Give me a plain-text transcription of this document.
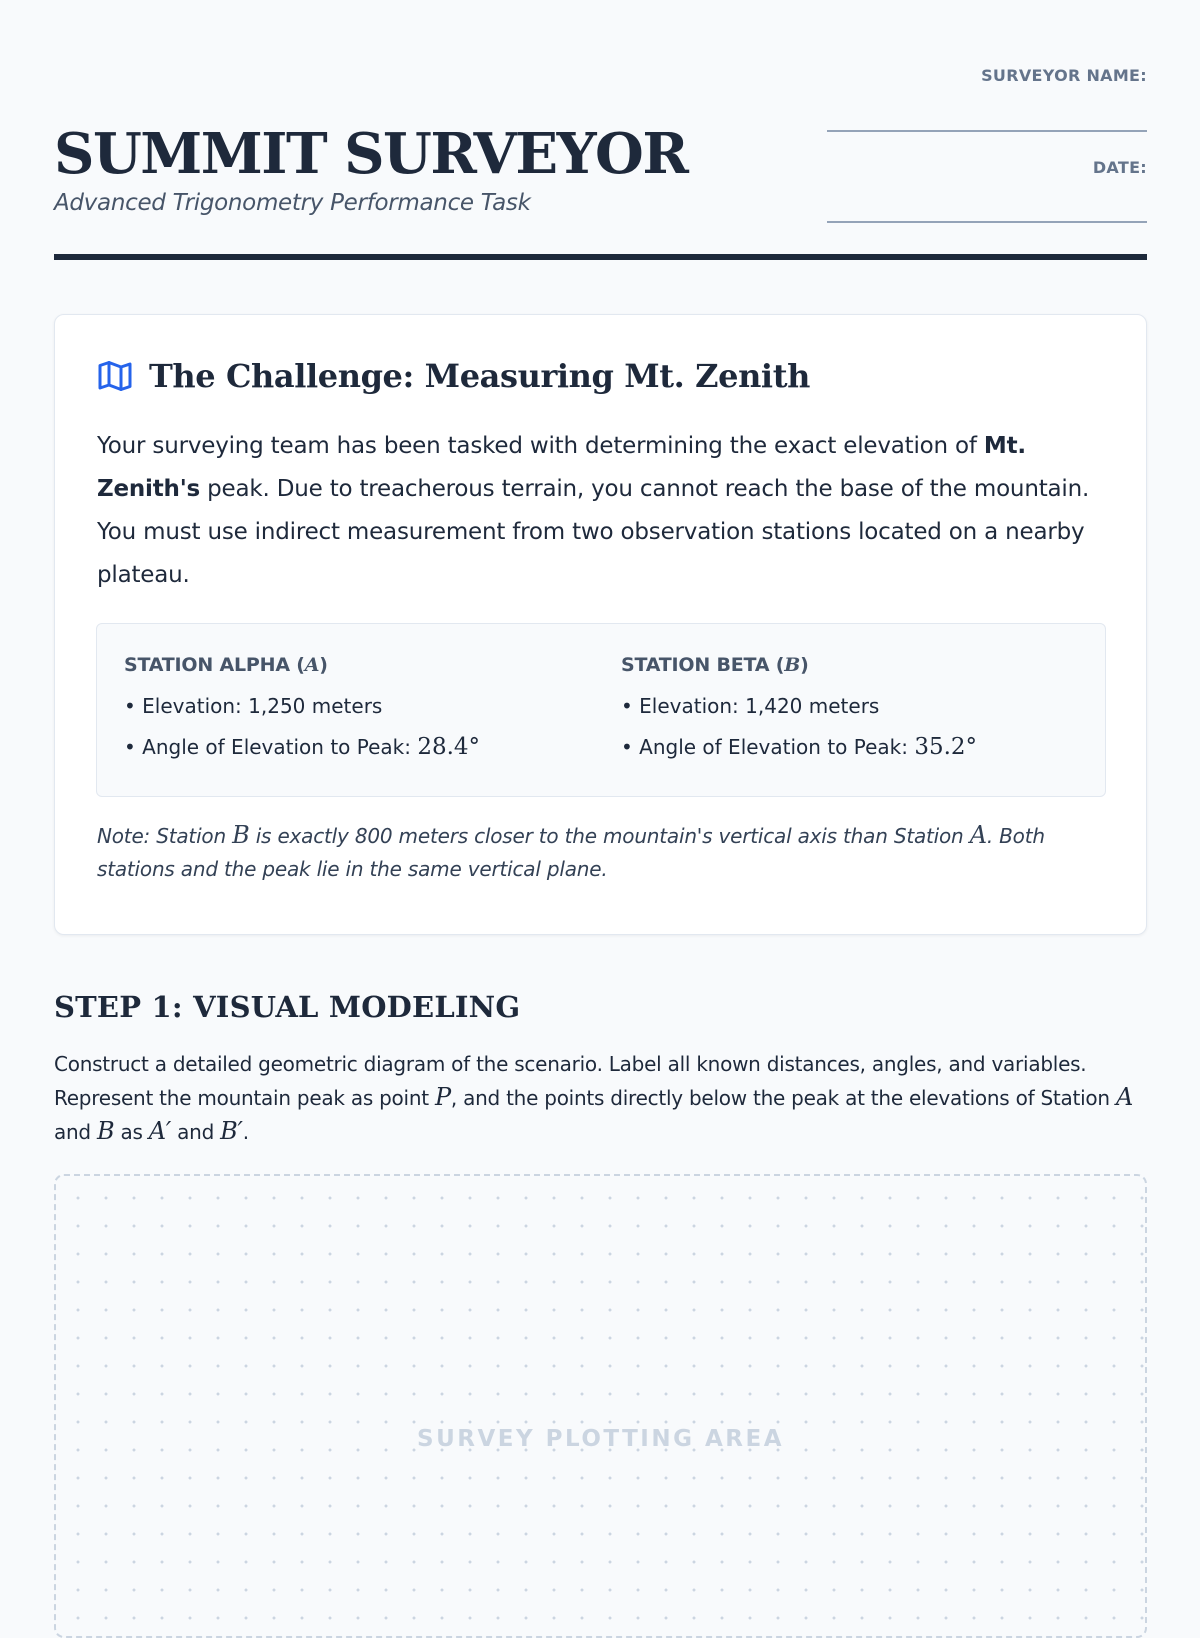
SUMMIT SURVEYOR
Advanced Trigonometry Performance Task
SURVEYOR NAME:
DATE:
The Challenge: Measuring Mt. Zenith

Your surveying team has been tasked with determining the exact elevation of Mt. Zenith's peak. Due to treacherous terrain, you cannot reach the base of the mountain. You must use indirect measurement from two observation stations located on a nearby plateau.

STATION ALPHA (A)
• Elevation: 1,250 meters
• Angle of Elevation to Peak: 28.4°
STATION BETA (B)
• Elevation: 1,420 meters
• Angle of Elevation to Peak: 35.2°

Note: Station B is exactly 800 meters closer to the mountain's vertical axis than Station A. Both stations and the peak lie in the same vertical plane.

STEP 1: VISUAL MODELING

Construct a detailed geometric diagram of the scenario. Label all known distances, angles, and variables. Represent the mountain peak as point P, and the points directly below the peak at the elevations of Station A and B as A′ and B′.

SURVEY PLOTTING AREA
